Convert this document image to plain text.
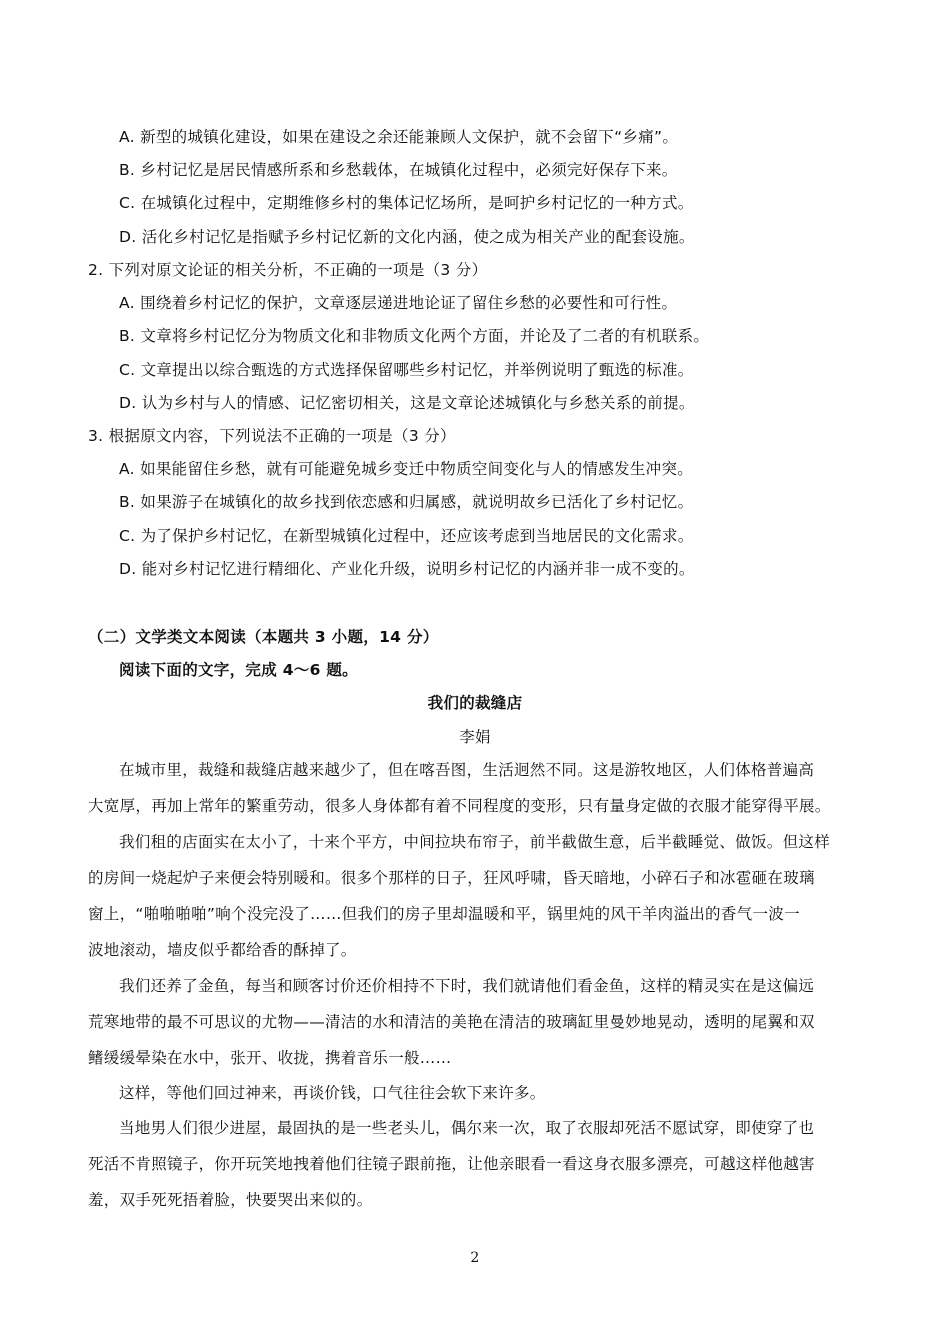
A. 新型的城镇化建设，如果在建设之余还能兼顾人文保护，就不会留下“乡痛”。
B. 乡村记忆是居民情感所系和乡愁载体，在城镇化过程中，必须完好保存下来。
C. 在城镇化过程中，定期维修乡村的集体记忆场所，是呵护乡村记忆的一种方式。
D. 活化乡村记忆是指赋予乡村记忆新的文化内涵，使之成为相关产业的配套设施。
2. 下列对原文论证的相关分析，不正确的一项是（3 分）
A. 围绕着乡村记忆的保护，文章逐层递进地论证了留住乡愁的必要性和可行性。
B. 文章将乡村记忆分为物质文化和非物质文化两个方面，并论及了二者的有机联系。
C. 文章提出以综合甄选的方式选择保留哪些乡村记忆，并举例说明了甄选的标准。
D. 认为乡村与人的情感、记忆密切相关，这是文章论述城镇化与乡愁关系的前提。
3. 根据原文内容，下列说法不正确的一项是（3 分）
A. 如果能留住乡愁，就有可能避免城乡变迁中物质空间变化与人的情感发生冲突。
B. 如果游子在城镇化的故乡找到依恋感和归属感，就说明故乡已活化了乡村记忆。
C. 为了保护乡村记忆，在新型城镇化过程中，还应该考虑到当地居民的文化需求。
D. 能对乡村记忆进行精细化、产业化升级，说明乡村记忆的内涵并非一成不变的。
（二）文学类文本阅读（本题共 3 小题，14 分）
阅读下面的文字，完成 4～6 题。
我们的裁缝店
李娟
在城市里，裁缝和裁缝店越来越少了，但在喀吾图，生活迥然不同。这是游牧地区，人们体格普遍高
大宽厚，再加上常年的繁重劳动，很多人身体都有着不同程度的变形，只有量身定做的衣服才能穿得平展。
我们租的店面实在太小了，十来个平方，中间拉块布帘子，前半截做生意，后半截睡觉、做饭。但这样
的房间一烧起炉子来便会特别暖和。很多个那样的日子，狂风呼啸，昏天暗地，小碎石子和冰雹砸在玻璃
窗上，“啪啪啪啪”响个没完没了……但我们的房子里却温暖和平，锅里炖的风干羊肉溢出的香气一波一
波地滚动，墙皮似乎都给香的酥掉了。
我们还养了金鱼，每当和顾客讨价还价相持不下时，我们就请他们看金鱼，这样的精灵实在是这偏远
荒寒地带的最不可思议的尤物——清洁的水和清洁的美艳在清洁的玻璃缸里曼妙地晃动，透明的尾翼和双
鳍缓缓晕染在水中，张开、收拢，携着音乐一般……
这样，等他们回过神来，再谈价钱，口气往往会软下来许多。
当地男人们很少进屋，最固执的是一些老头儿，偶尔来一次，取了衣服却死活不愿试穿，即使穿了也
死活不肯照镜子，你开玩笑地拽着他们往镜子跟前拖，让他亲眼看一看这身衣服多漂亮，可越这样他越害
羞，双手死死捂着脸，快要哭出来似的。
2
